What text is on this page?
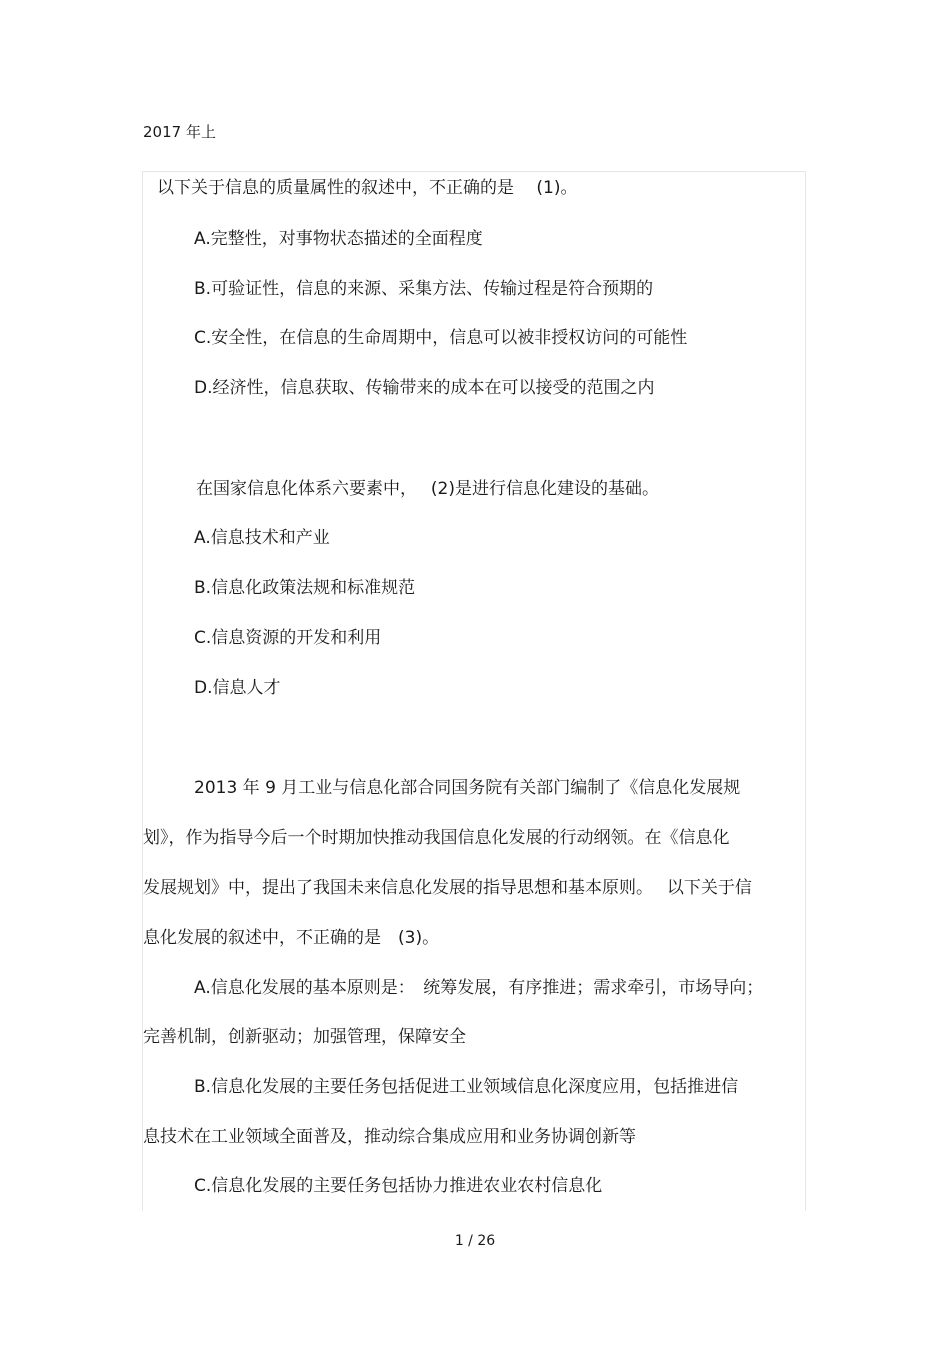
2017 年上
以下关于信息的质量属性的叙述中，不正确的是　 (1)。
A.完整性，对事物状态描述的全面程度
B.可验证性，信息的来源、采集方法、传输过程是符合预期的
C.安全性，在信息的生命周期中，信息可以被非授权访问的可能性
D.经济性，信息获取、传输带来的成本在可以接受的范围之内
在国家信息化体系六要素中，　 (2)是进行信息化建设的基础。
A.信息技术和产业
B.信息化政策法规和标准规范
C.信息资源的开发和利用
D.信息人才
2013 年 9 月工业与信息化部合同国务院有关部门编制了《信息化发展规
划》，作为指导今后一个时期加快推动我国信息化发展的行动纲领。在《信息化
发展规划》中，提出了我国未来信息化发展的指导思想和基本原则。　 以下关于信
息化发展的叙述中，不正确的是　(3)。
A.信息化发展的基本原则是：　统筹发展，有序推进；需求牵引，市场导向；
完善机制，创新驱动；加强管理，保障安全
B.信息化发展的主要任务包括促进工业领域信息化深度应用，包括推进信
息技术在工业领域全面普及，推动综合集成应用和业务协调创新等
C.信息化发展的主要任务包括协力推进农业农村信息化
1 / 26
